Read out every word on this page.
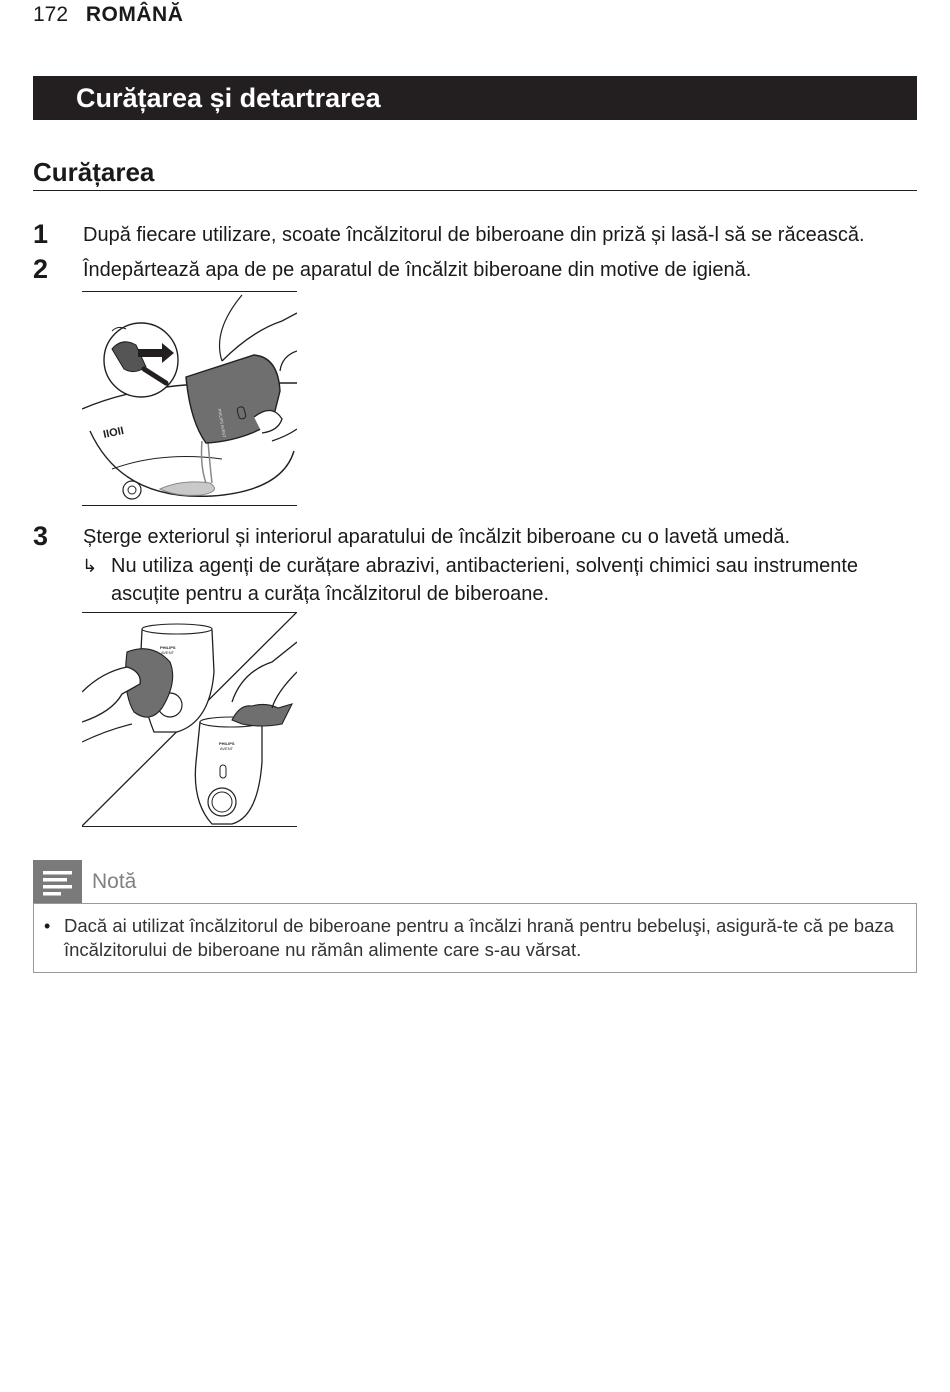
172 ROMÂNĂ
Curățarea și detartrarea
Curățarea
1 După fiecare utilizare, scoate încălzitorul de biberoane din priză și lasă-l să se răcească.
2 Îndepărtează apa de pe aparatul de încălzit biberoane din motive de igienă.
IIOII	PHILIPS AVENT
3 Șterge exteriorul și interiorul aparatului de încălzit biberoane cu o lavetă umedă.
↳ Nu utiliza agenți de curățare abrazivi, antibacterieni, solvenți chimici sau instrumente ascuțite pentru a curăța încălzitorul de biberoane.
PHILIPS
AVENT
PHILIPS
AVENT
Notă
• Dacă ai utilizat încălzitorul de biberoane pentru a încălzi hrană pentru bebeluşi, asigură-te că pe baza încălzitorului de biberoane nu rămân alimente care s-au vărsat.
